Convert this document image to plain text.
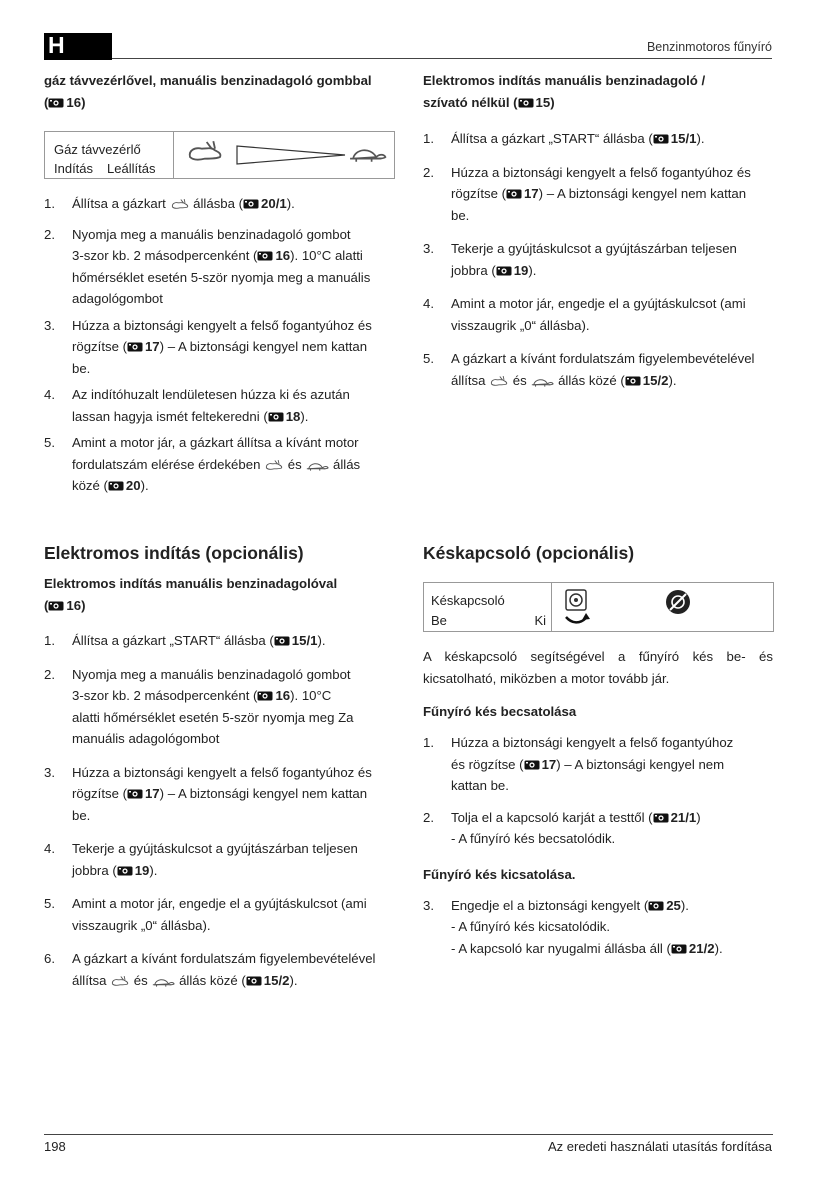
H	Benzinmotoros fűnyíró
gáz távvezérlővel, manuális benzinadagoló gombbal
( 16)
Gáz távvezérlő
Indítás Leállítás
1. Állítsa a gázkart állásba ( 20/1).
2. Nyomja meg a manuális benzinadagoló gombot
3-szor kb. 2 másodpercenként ( 16). 10°C alatti
hőmérséklet esetén 5-ször nyomja meg a manuális
adagológombot
3. Húzza a biztonsági kengyelt a felső fogantyúhoz és
rögzítse ( 17) – A biztonsági kengyel nem kattan
be.
4. Az indítóhuzalt lendületesen húzza ki és azután
lassan hagyja ismét feltekeredni ( 18).
5. Amint a motor jár, a gázkart állítsa a kívánt motor
fordulatszám elérése érdekében és állás
közé ( 20).
Elektromos indítás manuális benzinadagoló /
szívató nélkül ( 15)
1. Állítsa a gázkart „START“ állásba ( 15/1).
2. Húzza a biztonsági kengyelt a felső fogantyúhoz és
rögzítse ( 17) – A biztonsági kengyel nem kattan
be.
3. Tekerje a gyújtáskulcsot a gyújtászárban teljesen
jobbra ( 19).
4. Amint a motor jár, engedje el a gyújtáskulcsot (ami
visszaugrik „0“ állásba).
5. A gázkart a kívánt fordulatszám figyelembevételével
állítsa és állás közé ( 15/2).
Elektromos indítás (opcionális)
Elektromos indítás manuális benzinadagolóval
( 16)
1. Állítsa a gázkart „START“ állásba ( 15/1).
2. Nyomja meg a manuális benzinadagoló gombot
3-szor kb. 2 másodpercenként ( 16). 10°C
alatti hőmérséklet esetén 5-ször nyomja meg Za
manuális adagológombot
3. Húzza a biztonsági kengyelt a felső fogantyúhoz és
rögzítse ( 17) – A biztonsági kengyel nem kattan
be.
4. Tekerje a gyújtáskulcsot a gyújtászárban teljesen
jobbra ( 19).
5. Amint a motor jár, engedje el a gyújtáskulcsot (ami
visszaugrik „0“ állásba).
6. A gázkart a kívánt fordulatszám figyelembevételével
állítsa és állás közé ( 15/2).
Késkapcsoló (opcionális)
Késkapcsoló
Be	Ki

A késkapcsoló segítségével a fűnyíró kés be- és
kicsatolható, miközben a motor tovább jár.

Fűnyíró kés becsatolása
1. Húzza a biztonsági kengyelt a felső fogantyúhoz
és rögzítse ( 17) – A biztonsági kengyel nem
kattan be.
2. Tolja el a kapcsoló karját a testtől ( 21/1)
- A fűnyíró kés becsatolódik.
Fűnyíró kés kicsatolása.
3. Engedje el a biztonsági kengyelt ( 25).
- A fűnyíró kés kicsatolódik.
- A kapcsoló kar nyugalmi állásba áll ( 21/2).
198	Az eredeti használati utasítás fordítása
